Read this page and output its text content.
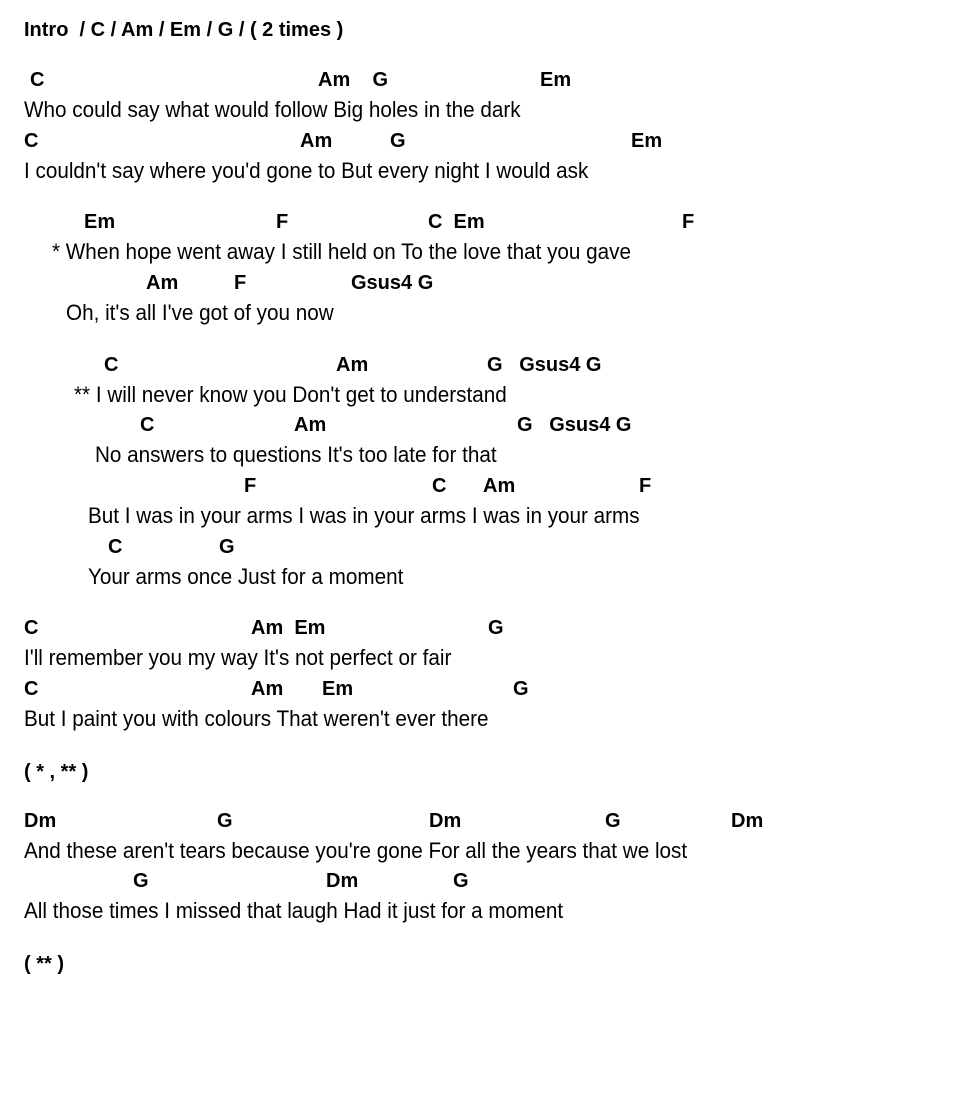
Intro  / C / Am / Em / G / ( 2 times )
C	Am    G	Em
Who could say what would follow Big holes in the dark
C	Am	G	Em
I couldn't say where you'd gone to But every night I would ask
Em	F	C  Em	F
* When hope went away I still held on To the love that you gave
Am	F	Gsus4 G
Oh, it's all I've got of you now
C	Am	G   Gsus4 G
** I will never know you Don't get to understand
C	Am	G   Gsus4 G
No answers to questions It's too late for that
F	C Am	F
But I was in your arms I was in your arms I was in your arms
C	G
Your arms once Just for a moment
C	Am  Em	G
I'll remember you my way It's not perfect or fair
C	Am Em	G
But I paint you with colours That weren't ever there
( * , ** )
Dm	G	Dm	G	Dm
And these aren't tears because you're gone For all the years that we lost
G	Dm	G
All those times I missed that laugh Had it just for a moment
( ** )
